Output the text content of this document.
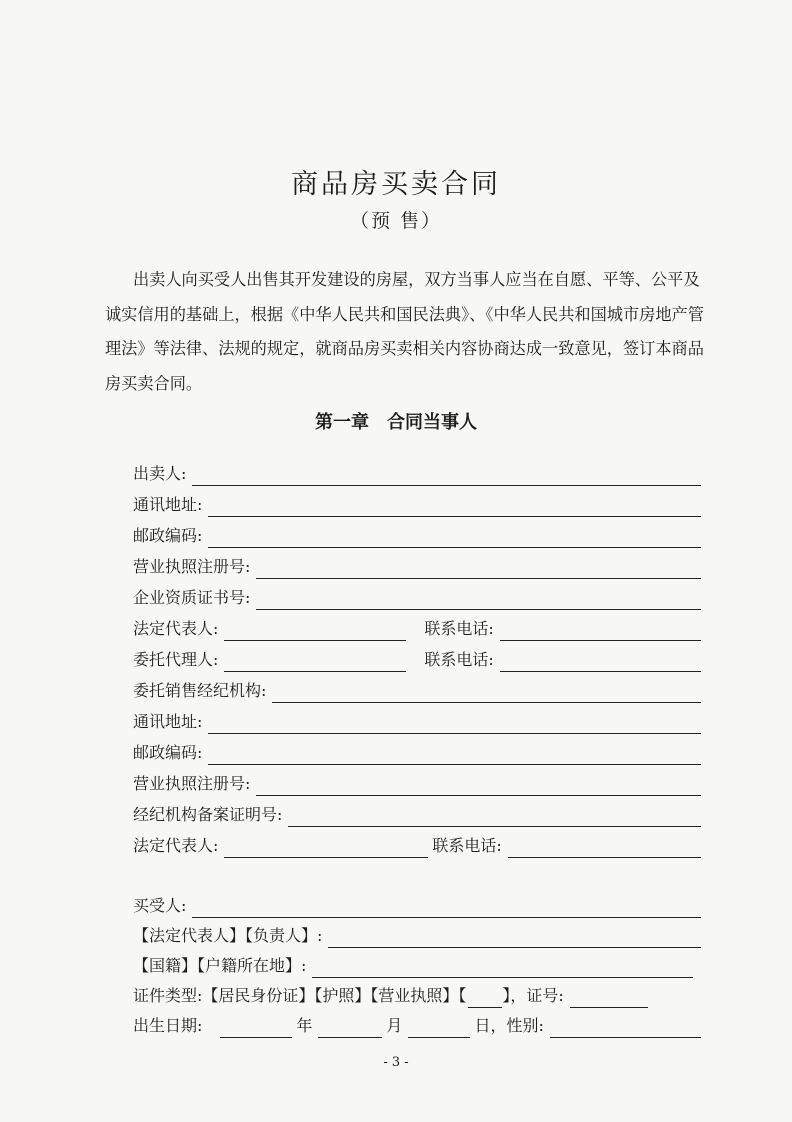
商品房买卖合同
（预 售）

出卖人向买受人出售其开发建设的房屋，双方当事人应当在自愿、平等、公平及
诚实信用的基础上，根据《中华人民共和国民法典》、《中华人民共和国城市房地产管
理法》等法律、法规的规定，就商品房买卖相关内容协商达成一致意见，签订本商品
房买卖合同。

第一章　合同当事人
出卖人:
通讯地址:
邮政编码:
营业执照注册号:
企业资质证书号:
法定代表人:	联系电话:
委托代理人:	联系电话:
委托销售经纪机构:
通讯地址:
邮政编码:
营业执照注册号:
经纪机构备案证明号:
法定代表人:	联系电话:
买受人:
【法定代表人】【负责人】:
【国籍】【户籍所在地】:
证件类型:【居民身份证】【护照】【营业执照】【 】，证号:
出生日期:	年	月	日，性别:
- 3 -
